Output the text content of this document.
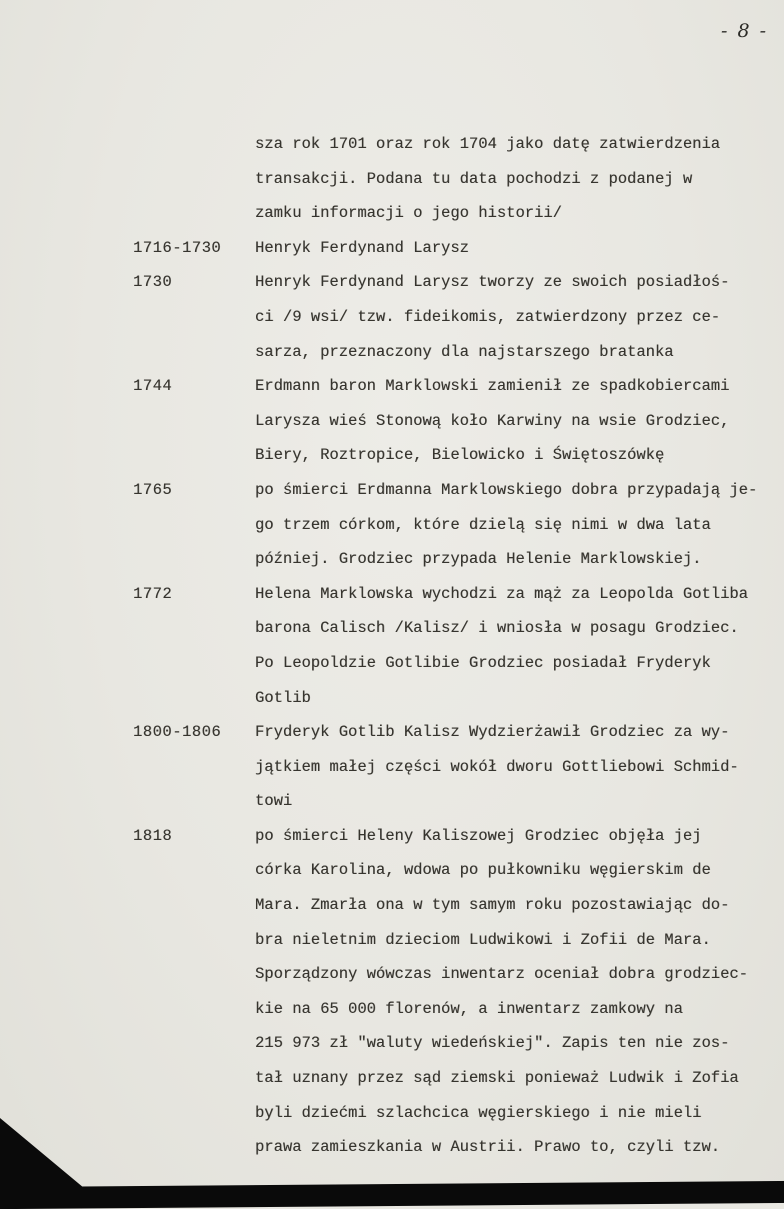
- 8 -
sza rok 1701 oraz rok 1704 jako datę zatwierdzenia
transakcji. Podana tu data pochodzi z podanej w
zamku informacji o jego historii/
1716-1730	Henryk Ferdynand Larysz
1730	Henryk Ferdynand Larysz tworzy ze swoich posiadłoś-
ci /9 wsi/ tzw. fideikomis, zatwierdzony przez ce-
sarza, przeznaczony dla najstarszego bratanka
1744	Erdmann baron Marklowski zamienił ze spadkobiercami
Larysza wieś Stonową koło Karwiny na wsie Grodziec,
Biery, Roztropice, Bielowicko i Świętoszówkę
1765	po śmierci Erdmanna Marklowskiego dobra przypadają je-
go trzem córkom, które dzielą się nimi w dwa lata
później. Grodziec przypada Helenie Marklowskiej.
1772	Helena Marklowska wychodzi za mąż za Leopolda Gotliba
barona Calisch /Kalisz/ i wniosła w posagu Grodziec.
Po Leopoldzie Gotlibie Grodziec posiadał Fryderyk
Gotlib
1800-1806	Fryderyk Gotlib Kalisz Wydzierżawił Grodziec za wy-
jątkiem małej części wokół dworu Gottliebowi Schmid-
towi
1818	po śmierci Heleny Kaliszowej Grodziec objęła jej
córka Karolina, wdowa po pułkowniku węgierskim de
Mara. Zmarła ona w tym samym roku pozostawiając do-
bra nieletnim dzieciom Ludwikowi i Zofii de Mara.
Sporządzony wówczas inwentarz oceniał dobra grodziec-
kie na 65 000 florenów, a inwentarz zamkowy na
215 973 zł "waluty wiedeńskiej". Zapis ten nie zos-
tał uznany przez sąd ziemski ponieważ Ludwik i Zofia
byli dziećmi szlachcica węgierskiego i nie mieli
prawa zamieszkania w Austrii. Prawo to, czyli tzw.
